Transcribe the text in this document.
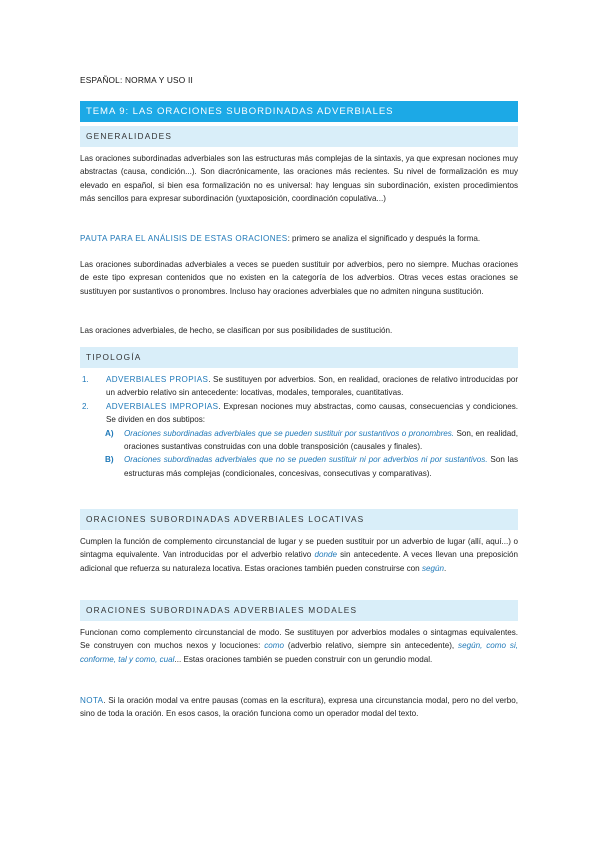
ESPAÑOL: NORMA Y USO II
TEMA 9: LAS ORACIONES SUBORDINADAS ADVERBIALES
GENERALIDADES
Las oraciones subordinadas adverbiales son las estructuras más complejas de la sintaxis, ya que expresan nociones muy abstractas (causa, condición...). Son diacrónicamente, las oraciones más recientes. Su nivel de formalización es muy elevado en español, si bien esa formalización no es universal: hay lenguas sin subordinación, existen procedimientos más sencillos para expresar subordinación (yuxtaposición, coordinación copulativa...)
PAUTA PARA EL ANÁLISIS DE ESTAS ORACIONES: primero se analiza el significado y después la forma.
Las oraciones subordinadas adverbiales a veces se pueden sustituir por adverbios, pero no siempre. Muchas oraciones de este tipo expresan contenidos que no existen en la categoría de los adverbios. Otras veces estas oraciones se sustituyen por sustantivos o pronombres. Incluso hay oraciones adverbiales que no admiten ninguna sustitución.
Las oraciones adverbiales, de hecho, se clasifican por sus posibilidades de sustitución.
TIPOLOGÍA
1. ADVERBIALES PROPIAS. Se sustituyen por adverbios. Son, en realidad, oraciones de relativo introducidas por un adverbio relativo sin antecedente: locativas, modales, temporales, cuantitativas.
2. ADVERBIALES IMPROPIAS. Expresan nociones muy abstractas, como causas, consecuencias y condiciones. Se dividen en dos subtipos:
A) Oraciones subordinadas adverbiales que se pueden sustituir por sustantivos o pronombres. Son, en realidad, oraciones sustantivas construidas con una doble transposición (causales y finales).
B) Oraciones subordinadas adverbiales que no se pueden sustituir ni por adverbios ni por sustantivos. Son las estructuras más complejas (condicionales, concesivas, consecutivas y comparativas).
ORACIONES SUBORDINADAS ADVERBIALES LOCATIVAS
Cumplen la función de complemento circunstancial de lugar y se pueden sustituir por un adverbio de lugar (allí, aquí...) o sintagma equivalente. Van introducidas por el adverbio relativo donde sin antecedente. A veces llevan una preposición adicional que refuerza su naturaleza locativa. Estas oraciones también pueden construirse con según.
ORACIONES SUBORDINADAS ADVERBIALES MODALES
Funcionan como complemento circunstancial de modo. Se sustituyen por adverbios modales o sintagmas equivalentes. Se construyen con muchos nexos y locuciones: como (adverbio relativo, siempre sin antecedente), según, como si, conforme, tal y como, cual... Estas oraciones también se pueden construir con un gerundio modal.
NOTA. Si la oración modal va entre pausas (comas en la escritura), expresa una circunstancia modal, pero no del verbo, sino de toda la oración. En esos casos, la oración funciona como un operador modal del texto.
